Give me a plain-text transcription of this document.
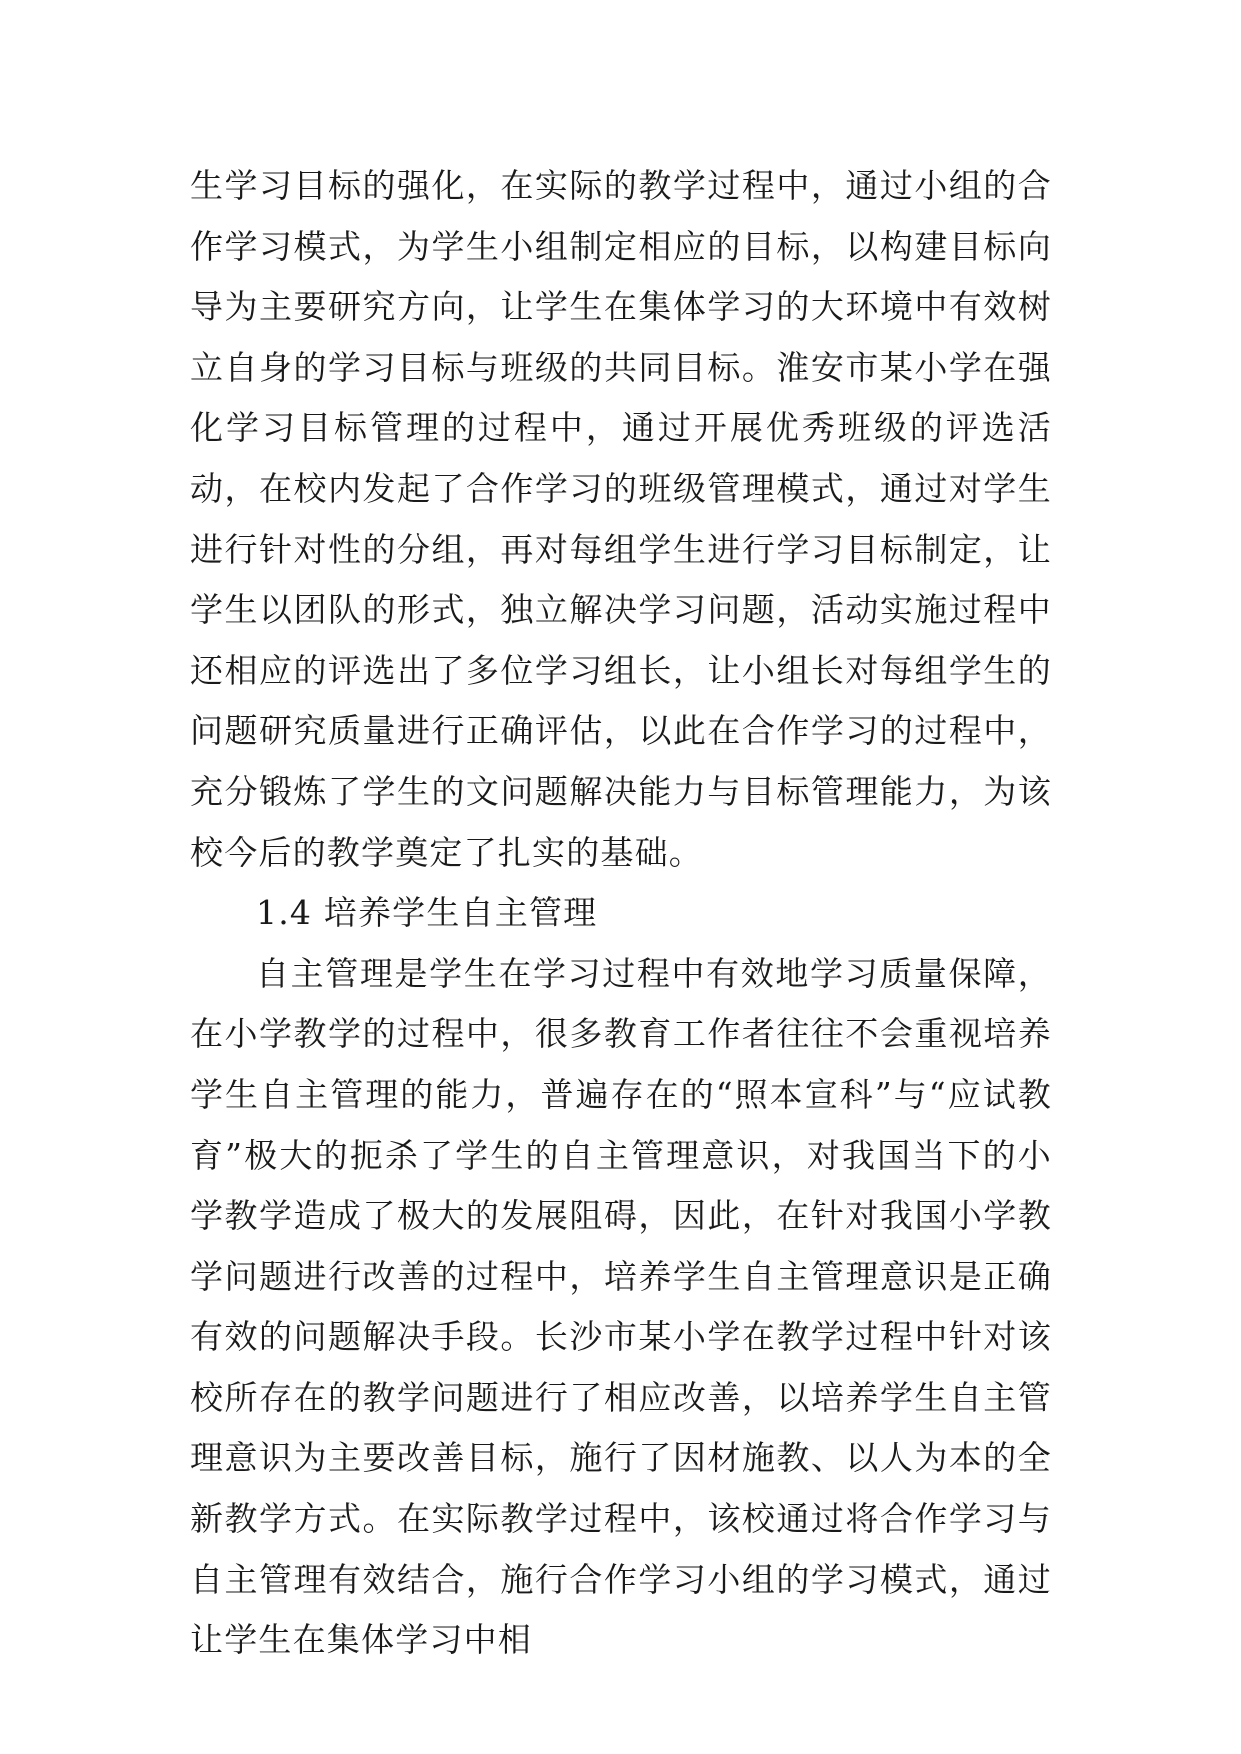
生学习目标的强化，在实际的教学过程中，通过小组的合作学习模式，为学生小组制定相应的目标，以构建目标向导为主要研究方向，让学生在集体学习的大环境中有效树立自身的学习目标与班级的共同目标。淮安市某小学在强化学习目标管理的过程中，通过开展优秀班级的评选活动，在校内发起了合作学习的班级管理模式，通过对学生进行针对性的分组，再对每组学生进行学习目标制定，让学生以团队的形式，独立解决学习问题，活动实施过程中还相应的评选出了多位学习组长，让小组长对每组学生的问题研究质量进行正确评估，以此在合作学习的过程中，充分锻炼了学生的文问题解决能力与目标管理能力，为该校今后的教学奠定了扎实的基础。

1.4 培养学生自主管理

自主管理是学生在学习过程中有效地学习质量保障，在小学教学的过程中，很多教育工作者往往不会重视培养学生自主管理的能力，普遍存在的“照本宣科”与“应试教育”极大的扼杀了学生的自主管理意识，对我国当下的小学教学造成了极大的发展阻碍，因此，在针对我国小学教学问题进行改善的过程中，培养学生自主管理意识是正确有效的问题解决手段。长沙市某小学在教学过程中针对该校所存在的教学问题进行了相应改善，以培养学生自主管理意识为主要改善目标，施行了因材施教、以人为本的全新教学方式。在实际教学过程中，该校通过将合作学习与自主管理有效结合，施行合作学习小组的学习模式，通过让学生在集体学习中相
